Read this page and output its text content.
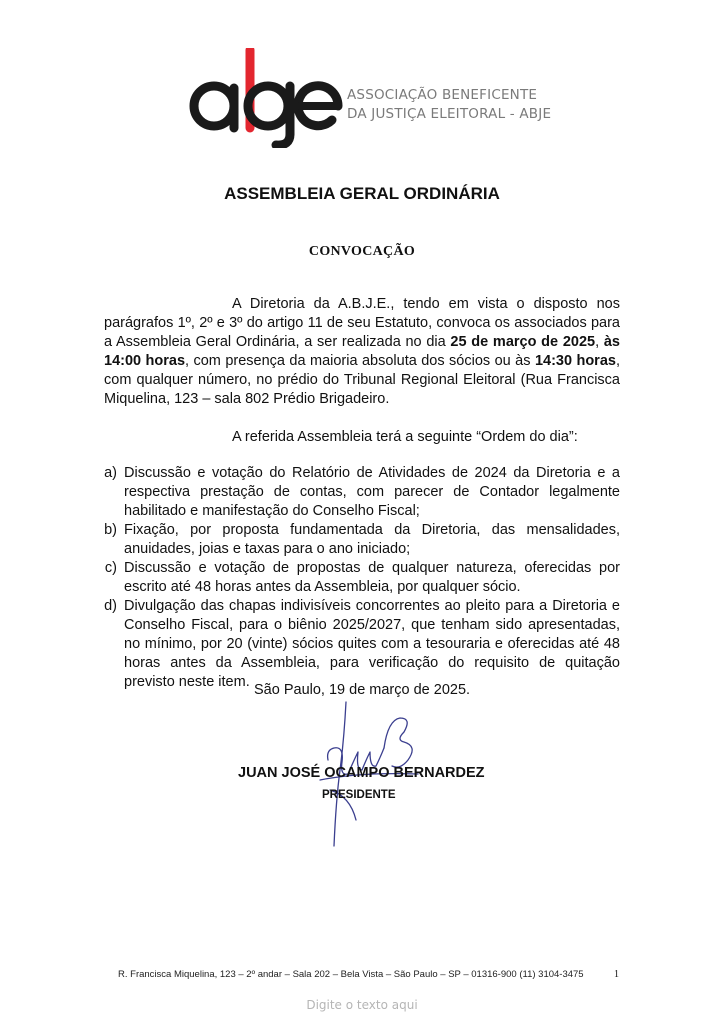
ASSOCIAÇÃO BENEFICENTE
DA JUSTIÇA ELEITORAL - ABJE
ASSEMBLEIA GERAL ORDINÁRIA
CONVOCAÇÃO

A Diretoria da A.B.J.E., tendo em vista o disposto nos parágrafos 1º, 2º e 3º do artigo 11 de seu Estatuto, convoca os associados para a Assembleia Geral Ordinária, a ser realizada no dia 25 de março de 2025, às 14:00 horas, com presença da maioria absoluta dos sócios ou às 14:30 horas, com qualquer número, no prédio do Tribunal Regional Eleitoral (Rua Francisca Miquelina, 123 – sala 802 Prédio Brigadeiro.

A referida Assembleia terá a seguinte “Ordem do dia”:

a) Discussão e votação do Relatório de Atividades de 2024 da Diretoria e a respectiva prestação de contas, com parecer de Contador legalmente habilitado e manifestação do Conselho Fiscal;
b) Fixação, por proposta fundamentada da Diretoria, das mensalidades, anuidades, joias e taxas para o ano iniciado;
c) Discussão e votação de propostas de qualquer natureza, oferecidas por escrito até 48 horas antes da Assembleia, por qualquer sócio.
d) Divulgação das chapas indivisíveis concorrentes ao pleito para a Diretoria e Conselho Fiscal, para o biênio 2025/2027, que tenham sido apresentadas, no mínimo, por 20 (vinte) sócios quites com a tesouraria e oferecidas até 48 horas antes da Assembleia, para verificação do requisito de quitação previsto neste item. São Paulo, 19 de março de 2025.
JUAN JOSÉ OCAMPO BERNARDEZ
PRESIDENTE
R. Francisca Miquelina, 123 – 2º andar – Sala 202 – Bela Vista – São Paulo – SP – 01316-900 (11) 3104-3475	1
Digite o texto aqui
